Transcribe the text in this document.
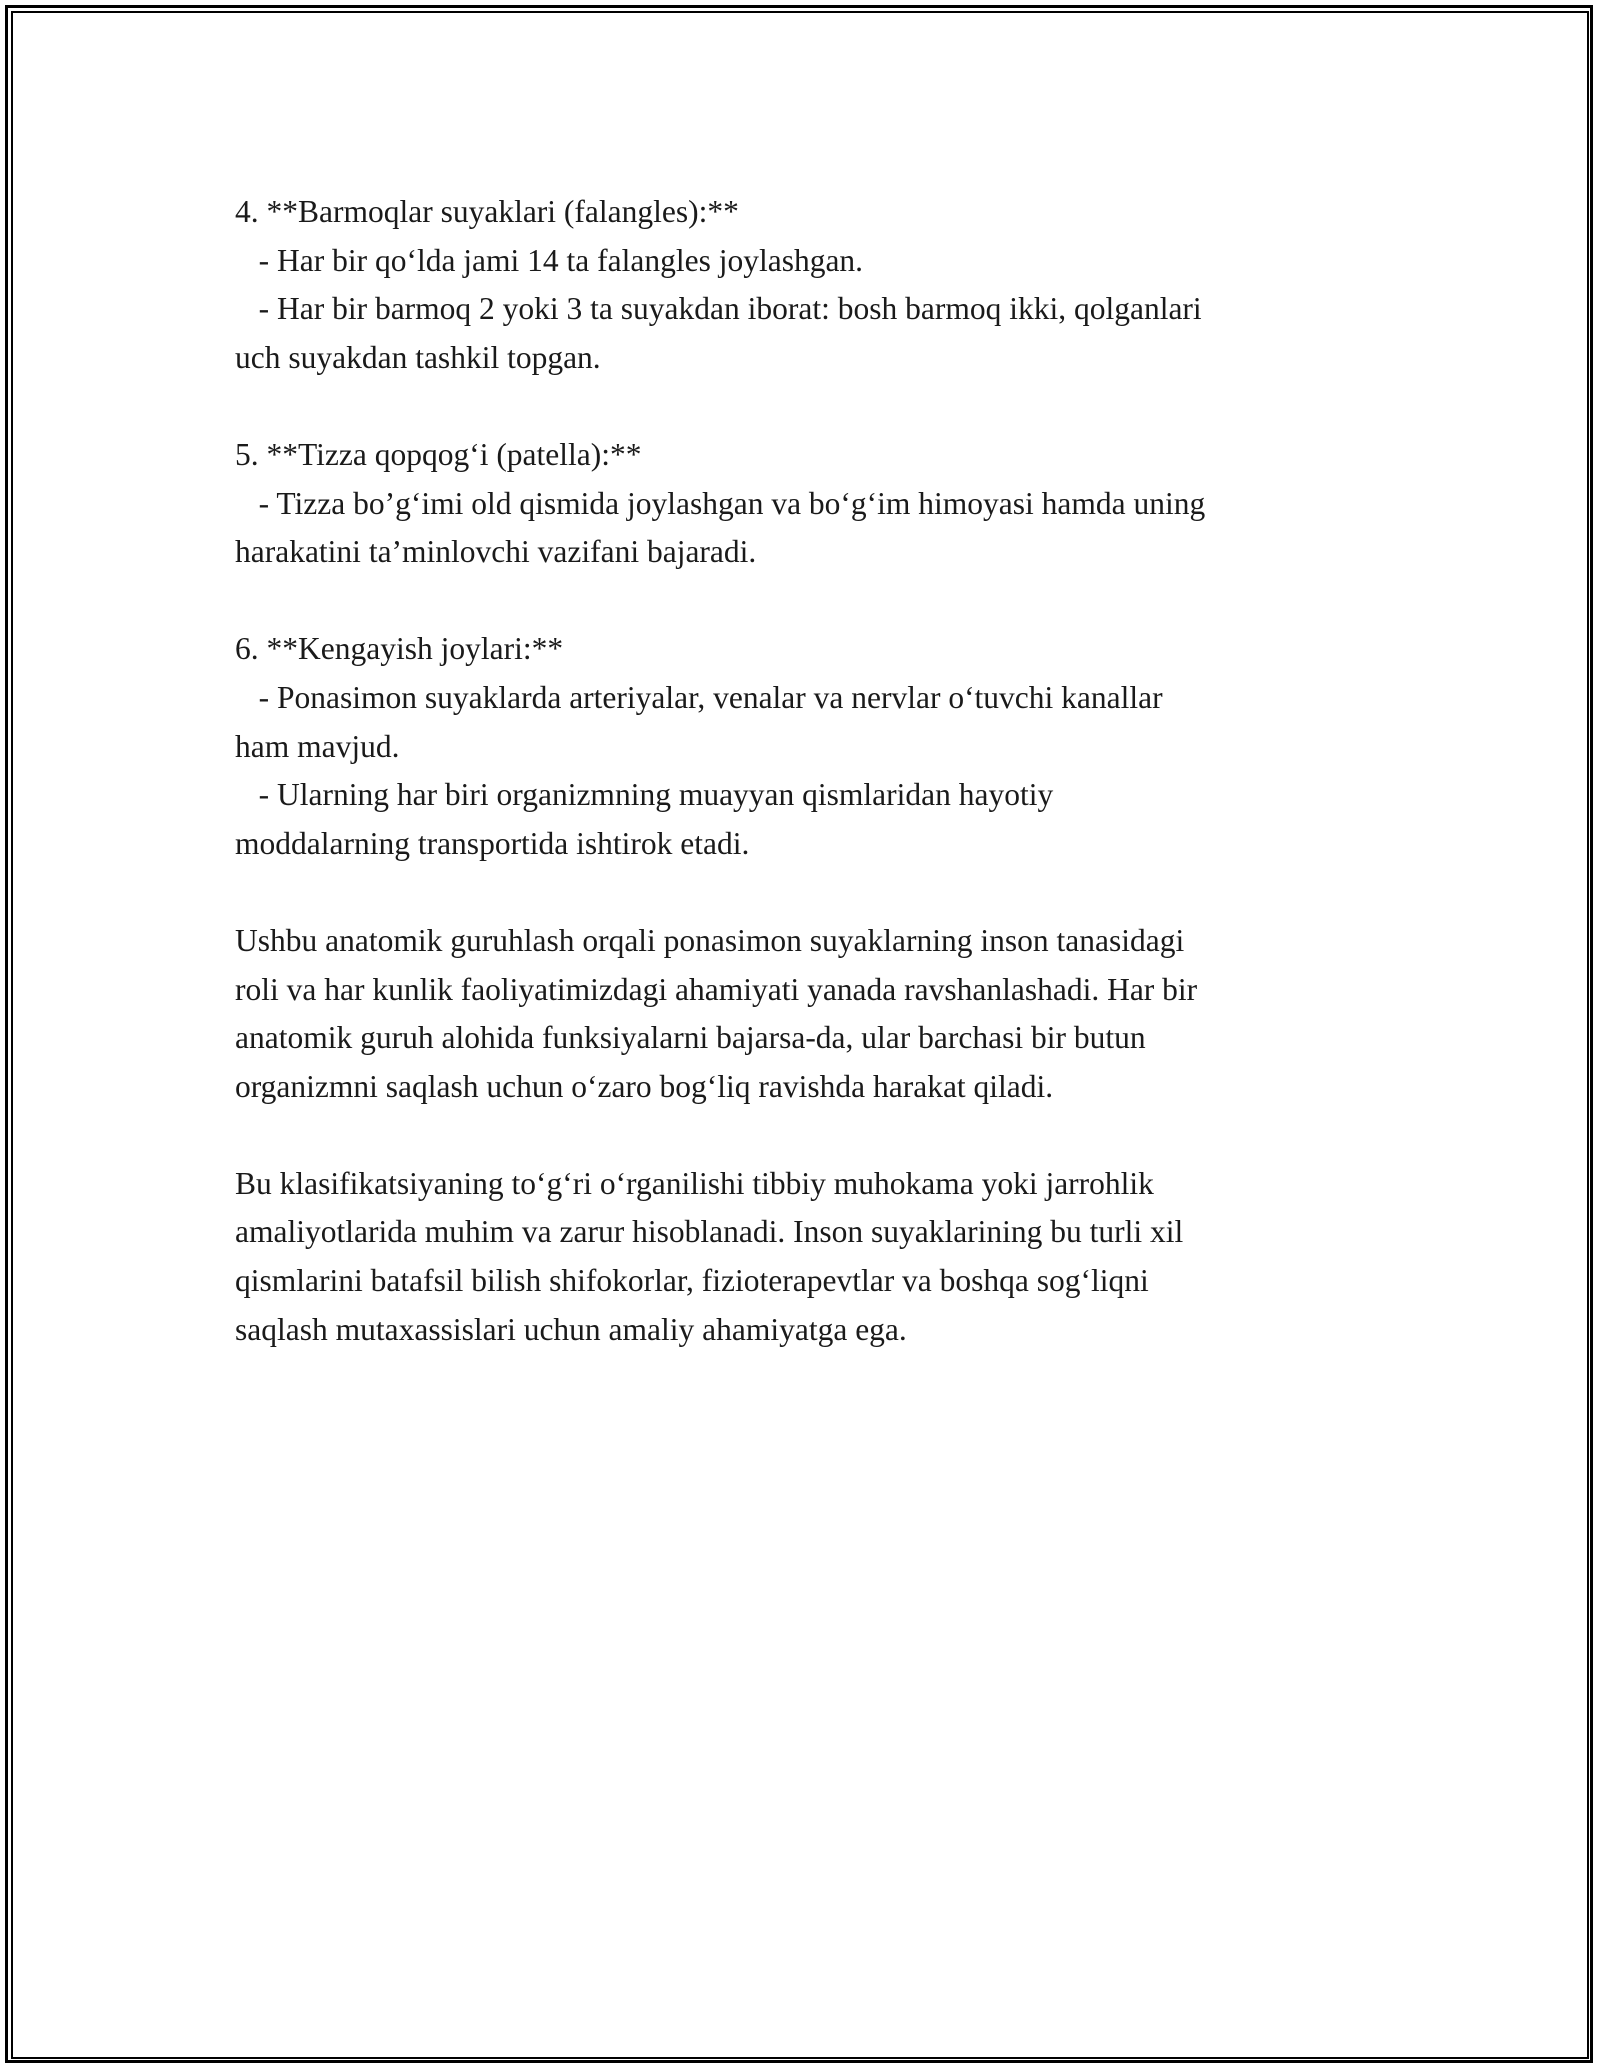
4. **Barmoqlar suyaklari (falangles):**

- Har bir qo‘lda jami 14 ta falangles joylashgan.

- Har bir barmoq 2 yoki 3 ta suyakdan iborat: bosh barmoq ikki, qolganlari

uch suyakdan tashkil topgan.

5. **Tizza qopqog‘i (patella):**

- Tizza bo’g‘imi old qismida joylashgan va bo‘g‘im himoyasi hamda uning

harakatini ta’minlovchi vazifani bajaradi.

6. **Kengayish joylari:**

- Ponasimon suyaklarda arteriyalar, venalar va nervlar o‘tuvchi kanallar

ham mavjud.

- Ularning har biri organizmning muayyan qismlaridan hayotiy

moddalarning transportida ishtirok etadi.

Ushbu anatomik guruhlash orqali ponasimon suyaklarning inson tanasidagi

roli va har kunlik faoliyatimizdagi ahamiyati yanada ravshanlashadi. Har bir

anatomik guruh alohida funksiyalarni bajarsa-da, ular barchasi bir butun

organizmni saqlash uchun o‘zaro bog‘liq ravishda harakat qiladi.

Bu klasifikatsiyaning to‘g‘ri o‘rganilishi tibbiy muhokama yoki jarrohlik

amaliyotlarida muhim va zarur hisoblanadi. Inson suyaklarining bu turli xil

qismlarini batafsil bilish shifokorlar, fizioterapevtlar va boshqa sog‘liqni

saqlash mutaxassislari uchun amaliy ahamiyatga ega.
